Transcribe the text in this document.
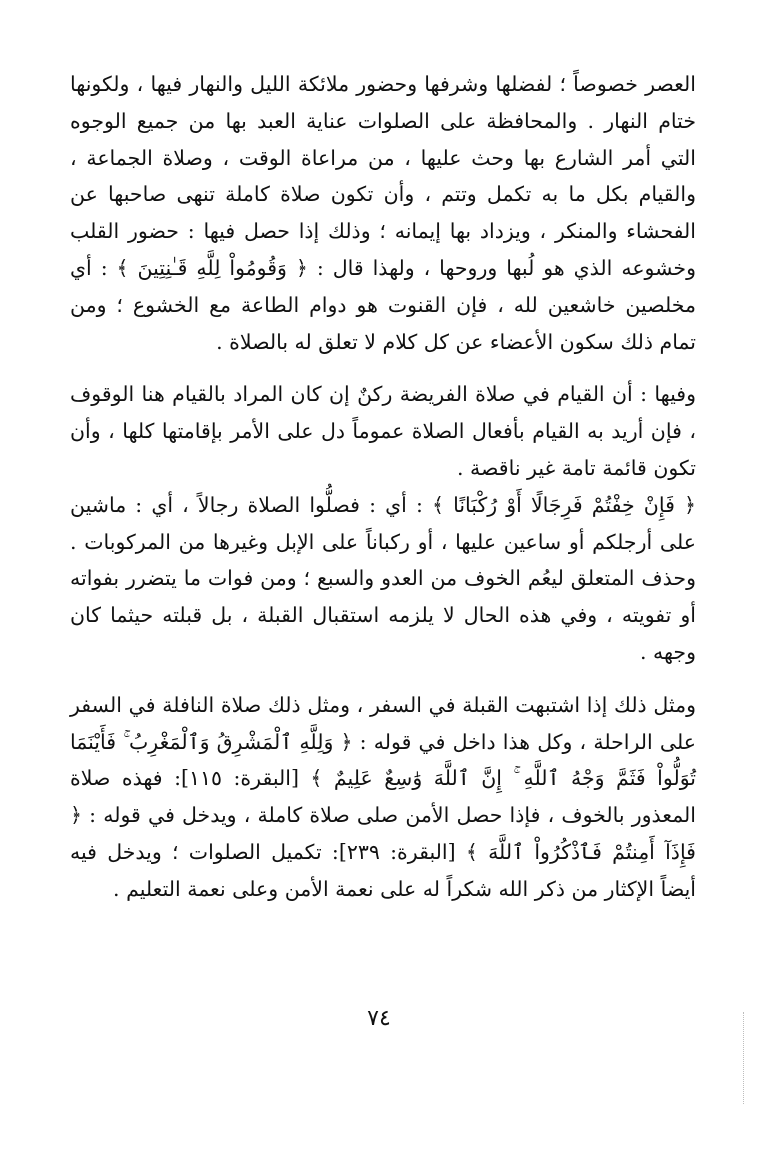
العصر خصوصاً ؛ لفضلها وشرفها وحضور ملائكة الليل والنهار فيها ، ولكونها ختام النهار . والمحافظة على الصلوات عناية العبد بها من جميع الوجوه التي أمر الشارع بها وحث عليها ، من مراعاة الوقت ، وصلاة الجماعة ، والقيام بكل ما به تكمل وتتم ، وأن تكون صلاة كاملة تنهى صاحبها عن الفحشاء والمنكر ، ويزداد بها إيمانه ؛ وذلك إذا حصل فيها : حضور القلب وخشوعه الذي هو لُبها وروحها ، ولهذا قال : ﴿ وَقُومُواْ لِلَّهِ قَـٰنِتِينَ ﴾ : أي مخلصين خاشعين لله ، فإن القنوت هو دوام الطاعة مع الخشوع ؛ ومن تمام ذلك سكون الأعضاء عن كل كلام لا تعلق له بالصلاة .

وفيها : أن القيام في صلاة الفريضة ركنٌ إن كان المراد بالقيام هنا الوقوف ، فإن أريد به القيام بأفعال الصلاة عموماً دل على الأمر بإقامتها كلها ، وأن تكون قائمة تامة غير ناقصة .

﴿ فَإِنْ خِفْتُمْ فَرِجَالًا أَوْ رُكْبَانًا ﴾ : أي : فصلُّوا الصلاة رجالاً ، أي : ماشين على أرجلكم أو ساعين عليها ، أو ركباناً على الإبل وغيرها من المركوبات . وحذف المتعلق ليعُم الخوف من العدو والسبع ؛ ومن فوات ما يتضرر بفواته أو تفويته ، وفي هذه الحال لا يلزمه استقبال القبلة ، بل قبلته حيثما كان وجهه .

ومثل ذلك إذا اشتبهت القبلة في السفر ، ومثل ذلك صلاة النافلة في السفر على الراحلة ، وكل هذا داخل في قوله : ﴿ وَلِلَّهِ ٱلْمَشْرِقُ وَٱلْمَغْرِبُ ۚ فَأَيْنَمَا تُوَلُّواْ فَثَمَّ وَجْهُ ٱللَّهِ ۚ إِنَّ ٱللَّهَ وَٰسِعٌ عَلِيمٌ ﴾ [البقرة: ١١٥]: فهذه صلاة المعذور بالخوف ، فإذا حصل الأمن صلى صلاة كاملة ، ويدخل في قوله : ﴿ فَإِذَآ أَمِنتُمْ فَٱذْكُرُواْ ٱللَّهَ ﴾ [البقرة: ٢٣٩]: تكميل الصلوات ؛ ويدخل فيه أيضاً الإكثار من ذكر الله شكراً له على نعمة الأمن وعلى نعمة التعليم .

٧٤
